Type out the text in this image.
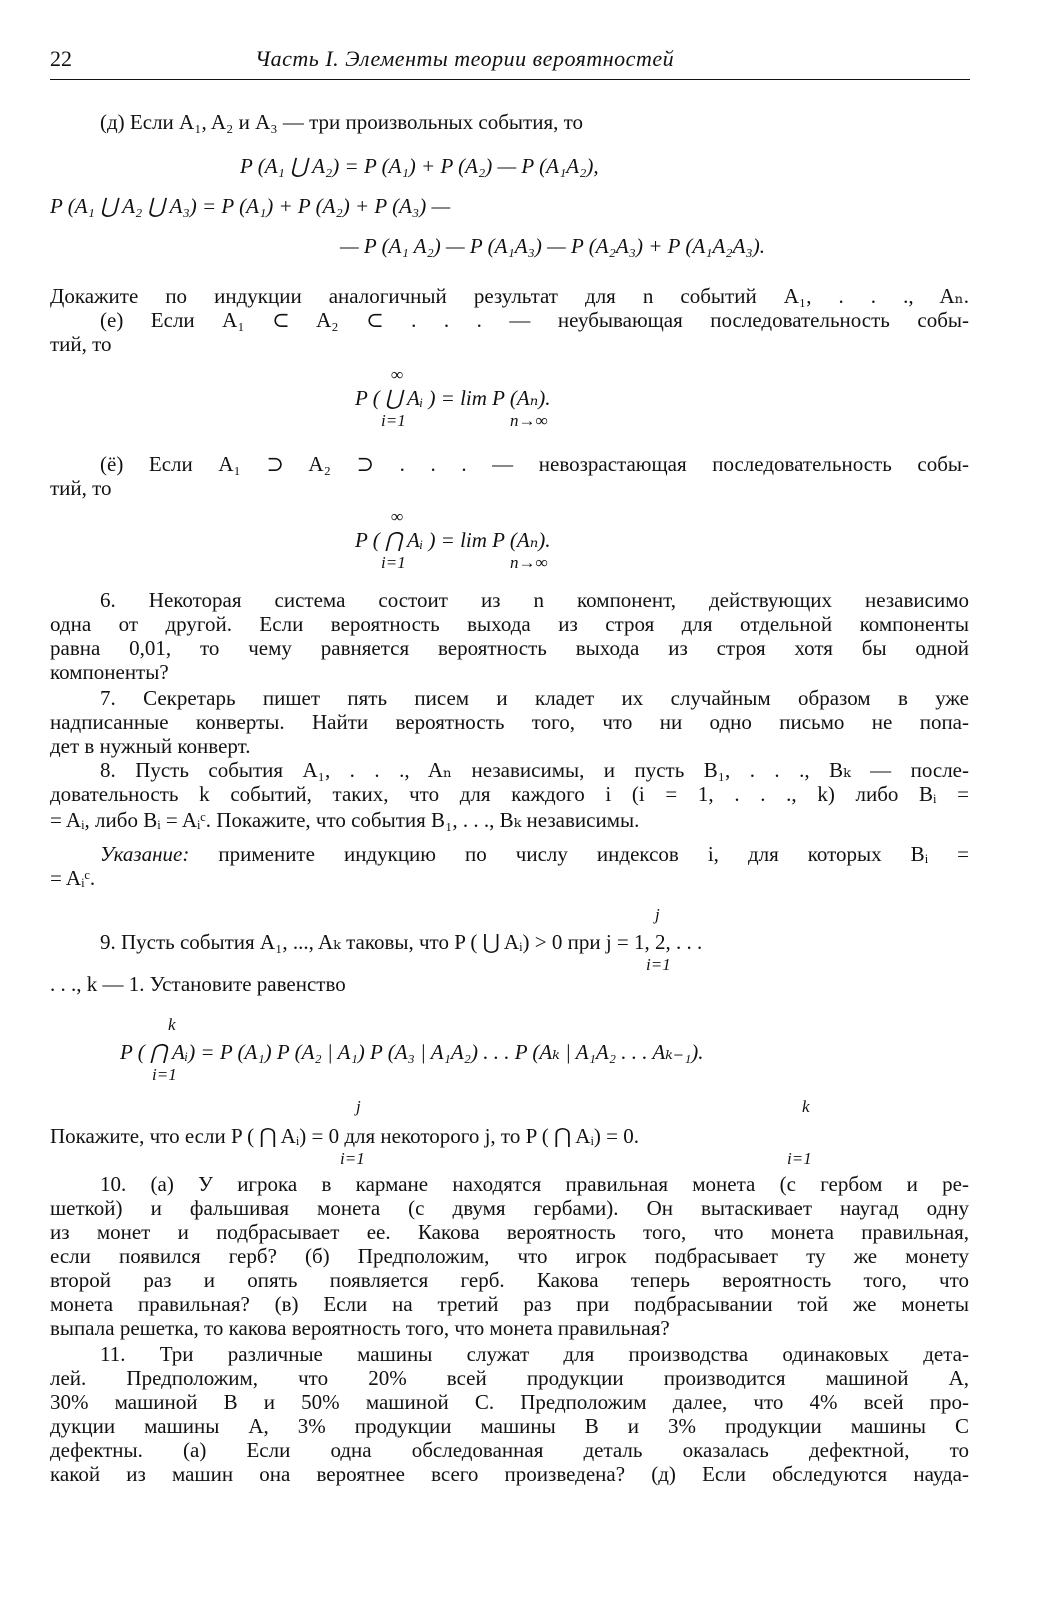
22	Часть I. Элементы теории вероятностей
(д) Если A₁, A₂ и A₃ — три произвольных события, то
P (A₁ ⋃ A₂) = P (A₁) + P (A₂) — P (A₁A₂),
P (A₁ ⋃ A₂ ⋃ A₃) = P (A₁) + P (A₂) + P (A₃) —
— P (A₁ A₂) — P (A₁A₃) — P (A₂A₃) + P (A₁A₂A₃).
Докажите по индукции аналогичный результат для n событий A₁, . . ., Aₙ.
(е) Если A₁ ⊂ A₂ ⊂ . . . — неубывающая последовательность собы-
тий, то
∞
P ( ⋃ Aᵢ ) = lim P (Aₙ).
i=1	n→∞
(ё) Если A₁ ⊃ A₂ ⊃ . . . — невозрастающая последовательность собы-
тий, то
∞
P ( ⋂ Aᵢ ) = lim P (Aₙ).
i=1	n→∞
6. Некоторая система состоит из n компонент, действующих независимо
одна от другой. Если вероятность выхода из строя для отдельной компоненты
равна 0,01, то чему равняется вероятность выхода из строя хотя бы одной
компоненты?
7. Секретарь пишет пять писем и кладет их случайным образом в уже
надписанные конверты. Найти вероятность того, что ни одно письмо не попа-
дет в нужный конверт.
8. Пусть события A₁, . . ., Aₙ независимы, и пусть B₁, . . ., Bₖ — после-
довательность k событий, таких, что для каждого i (i = 1, . . ., k) либо Bᵢ =
= Aᵢ, либо Bᵢ = Aᵢᶜ. Покажите, что события B₁, . . ., Bₖ независимы.
Указание: примените индукцию по числу индексов i, для которых Bᵢ =
= Aᵢᶜ.
j
9. Пусть события A₁, ..., Aₖ таковы, что P ( ⋃ Aᵢ) > 0 при j = 1, 2, . . .
i=1
. . ., k — 1. Установите равенство
k
P ( ⋂ Aᵢ) = P (A₁) P (A₂ | A₁) P (A₃ | A₁A₂) . . . P (Aₖ | A₁A₂ . . . Aₖ₋₁).
i=1
j	k
Покажите, что если P ( ⋂ Aᵢ) = 0 для некоторого j, то P ( ⋂ Aᵢ) = 0.
i=1	i=1
10. (а) У игрока в кармане находятся правильная монета (с гербом и ре-
шеткой) и фальшивая монета (с двумя гербами). Он вытаскивает наугад одну
из монет и подбрасывает ее. Какова вероятность того, что монета правильная,
если появился герб? (б) Предположим, что игрок подбрасывает ту же монету
второй раз и опять появляется герб. Какова теперь вероятность того, что
монета правильная? (в) Если на третий раз при подбрасывании той же монеты
выпала решетка, то какова вероятность того, что монета правильная?
11. Три различные машины служат для производства одинаковых дета-
лей. Предположим, что 20% всей продукции производится машиной A,
30% машиной B и 50% машиной C. Предположим далее, что 4% всей про-
дукции машины A, 3% продукции машины B и 3% продукции машины C
дефектны. (а) Если одна обследованная деталь оказалась дефектной, то
какой из машин она вероятнее всего произведена? (д) Если обследуются науда-
